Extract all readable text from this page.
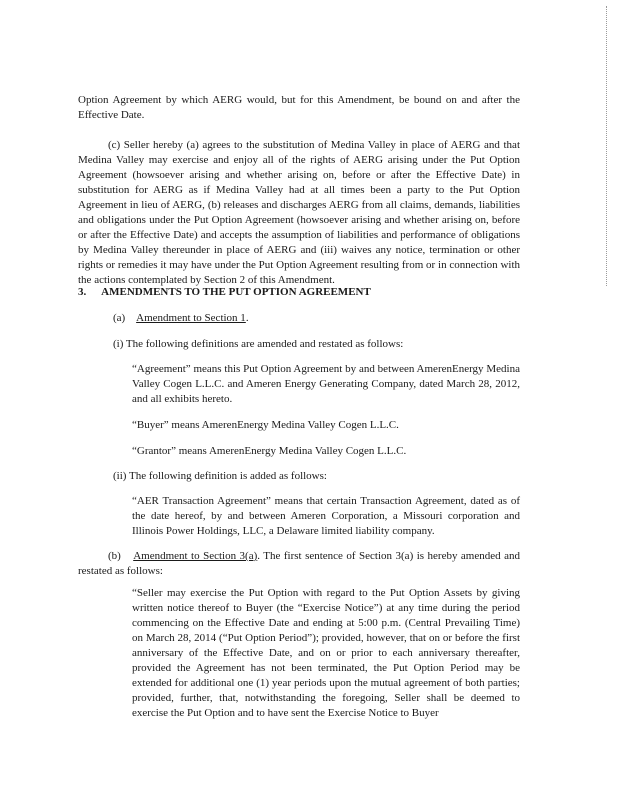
Option Agreement by which AERG would, but for this Amendment, be bound on and after the Effective Date.

(c) Seller hereby (a) agrees to the substitution of Medina Valley in place of AERG and that Medina Valley may exercise and enjoy all of the rights of AERG arising under the Put Option Agreement (howsoever arising and whether arising on, before or after the Effective Date) in substitution for AERG as if Medina Valley had at all times been a party to the Put Option Agreement in lieu of AERG, (b) releases and discharges AERG from all claims, demands, liabilities and obligations under the Put Option Agreement (howsoever arising and whether arising on, before or after the Effective Date) and accepts the assumption of liabilities and performance of obligations by Medina Valley thereunder in place of AERG and (iii) waives any notice, termination or other rights or remedies it may have under the Put Option Agreement resulting from or in connection with the actions contemplated by Section 2 of this Amendment.

3. AMENDMENTS TO THE PUT OPTION AGREEMENT

(a) Amendment to Section 1.

(i) The following definitions are amended and restated as follows:

“Agreement” means this Put Option Agreement by and between AmerenEnergy Medina Valley Cogen L.L.C. and Ameren Energy Generating Company, dated March 28, 2012, and all exhibits hereto.

“Buyer” means AmerenEnergy Medina Valley Cogen L.L.C.

“Grantor” means AmerenEnergy Medina Valley Cogen L.L.C.

(ii) The following definition is added as follows:

“AER Transaction Agreement” means that certain Transaction Agreement, dated as of the date hereof, by and between Ameren Corporation, a Missouri corporation and Illinois Power Holdings, LLC, a Delaware limited liability company.

(b) Amendment to Section 3(a). The first sentence of Section 3(a) is hereby amended and restated as follows:

“Seller may exercise the Put Option with regard to the Put Option Assets by giving written notice thereof to Buyer (the “Exercise Notice”) at any time during the period commencing on the Effective Date and ending at 5:00 p.m. (Central Prevailing Time) on March 28, 2014 (“Put Option Period”); provided, however, that on or before the first anniversary of the Effective Date, and on or prior to each anniversary thereafter, provided the Agreement has not been terminated, the Put Option Period may be extended for additional one (1) year periods upon the mutual agreement of both parties; provided, further, that, notwithstanding the foregoing, Seller shall be deemed to exercise the Put Option and to have sent the Exercise Notice to Buyer
